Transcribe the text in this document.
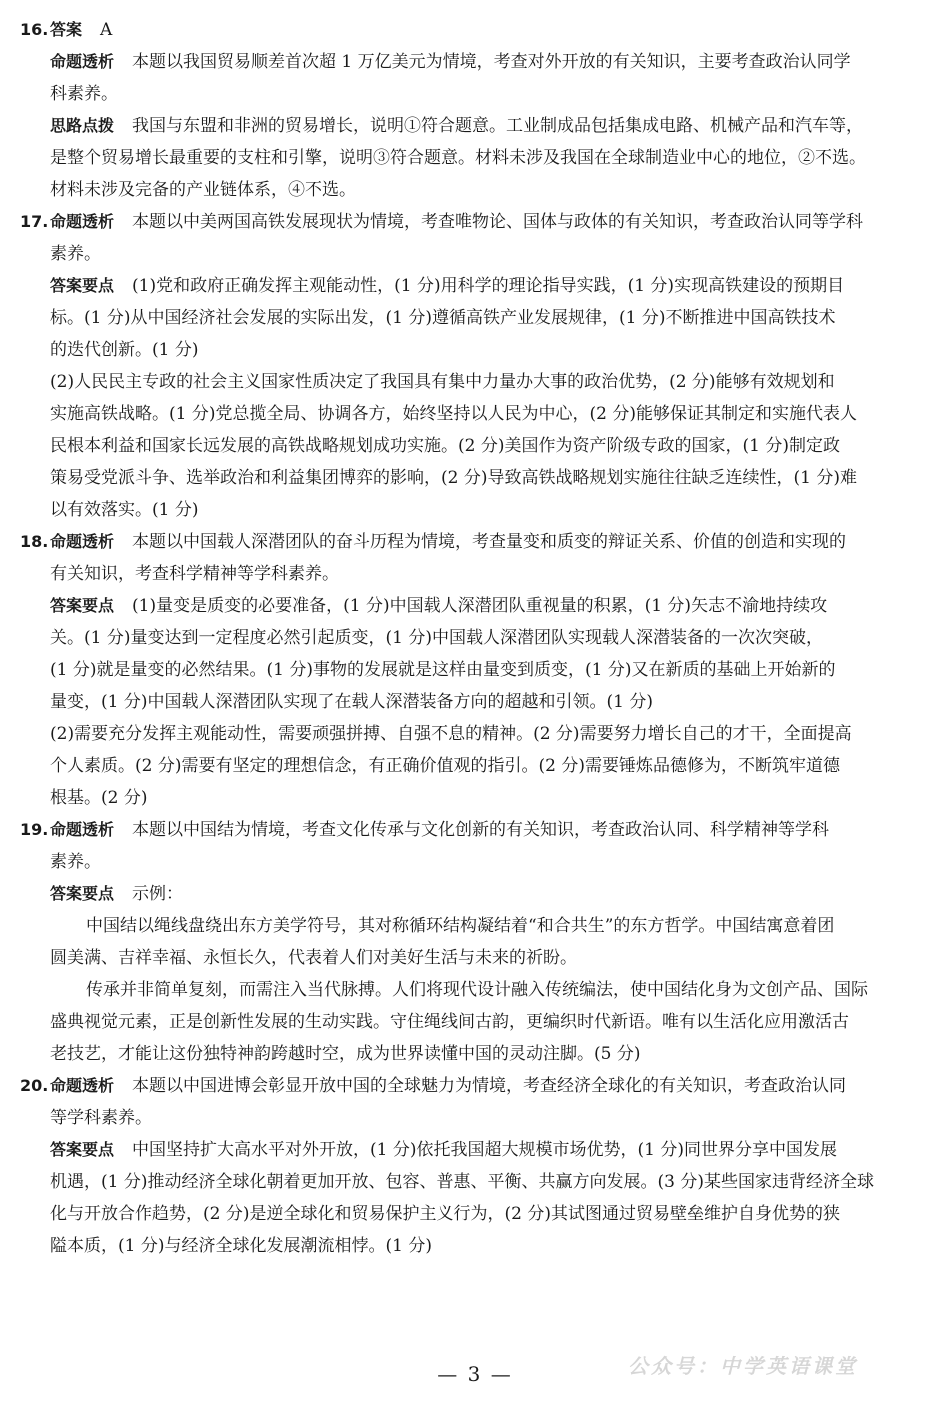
16. 答案 A
命题透析 本题以我国贸易顺差首次超 1 万亿美元为情境，考查对外开放的有关知识，主要考查政治认同学
科素养。
思路点拨 我国与东盟和非洲的贸易增长，说明①符合题意。工业制成品包括集成电路、机械产品和汽车等，
是整个贸易增长最重要的支柱和引擎，说明③符合题意。材料未涉及我国在全球制造业中心的地位，②不选。
材料未涉及完备的产业链体系，④不选。
17. 命题透析 本题以中美两国高铁发展现状为情境，考查唯物论、国体与政体的有关知识，考查政治认同等学科
素养。
答案要点 (1)党和政府正确发挥主观能动性，(1 分)用科学的理论指导实践，(1 分)实现高铁建设的预期目
标。(1 分)从中国经济社会发展的实际出发，(1 分)遵循高铁产业发展规律，(1 分)不断推进中国高铁技术
的迭代创新。(1 分)
(2)人民民主专政的社会主义国家性质决定了我国具有集中力量办大事的政治优势，(2 分)能够有效规划和
实施高铁战略。(1 分)党总揽全局、协调各方，始终坚持以人民为中心，(2 分)能够保证其制定和实施代表人
民根本利益和国家长远发展的高铁战略规划成功实施。(2 分)美国作为资产阶级专政的国家，(1 分)制定政
策易受党派斗争、选举政治和利益集团博弈的影响，(2 分)导致高铁战略规划实施往往缺乏连续性，(1 分)难
以有效落实。(1 分)
18. 命题透析 本题以中国载人深潜团队的奋斗历程为情境，考查量变和质变的辩证关系、价值的创造和实现的
有关知识，考查科学精神等学科素养。
答案要点 (1)量变是质变的必要准备，(1 分)中国载人深潜团队重视量的积累，(1 分)矢志不渝地持续攻
关。(1 分)量变达到一定程度必然引起质变，(1 分)中国载人深潜团队实现载人深潜装备的一次次突破，
(1 分)就是量变的必然结果。(1 分)事物的发展就是这样由量变到质变，(1 分)又在新质的基础上开始新的
量变，(1 分)中国载人深潜团队实现了在载人深潜装备方向的超越和引领。(1 分)
(2)需要充分发挥主观能动性，需要顽强拼搏、自强不息的精神。(2 分)需要努力增长自己的才干，全面提高
个人素质。(2 分)需要有坚定的理想信念，有正确价值观的指引。(2 分)需要锤炼品德修为，不断筑牢道德
根基。(2 分)
19. 命题透析 本题以中国结为情境，考查文化传承与文化创新的有关知识，考查政治认同、科学精神等学科
素养。
答案要点 示例：
中国结以绳线盘绕出东方美学符号，其对称循环结构凝结着“和合共生”的东方哲学。中国结寓意着团
圆美满、吉祥幸福、永恒长久，代表着人们对美好生活与未来的祈盼。
传承并非简单复刻，而需注入当代脉搏。人们将现代设计融入传统编法，使中国结化身为文创产品、国际
盛典视觉元素，正是创新性发展的生动实践。守住绳线间古韵，更编织时代新语。唯有以生活化应用激活古
老技艺，才能让这份独特神韵跨越时空，成为世界读懂中国的灵动注脚。(5 分)
20. 命题透析 本题以中国进博会彰显开放中国的全球魅力为情境，考查经济全球化的有关知识，考查政治认同
等学科素养。
答案要点 中国坚持扩大高水平对外开放，(1 分)依托我国超大规模市场优势，(1 分)同世界分享中国发展
机遇，(1 分)推动经济全球化朝着更加开放、包容、普惠、平衡、共赢方向发展。(3 分)某些国家违背经济全球
化与开放合作趋势，(2 分)是逆全球化和贸易保护主义行为，(2 分)其试图通过贸易壁垒维护自身优势的狭
隘本质，(1 分)与经济全球化发展潮流相悖。(1 分)
公众号：中学英语课堂
— 3 —
